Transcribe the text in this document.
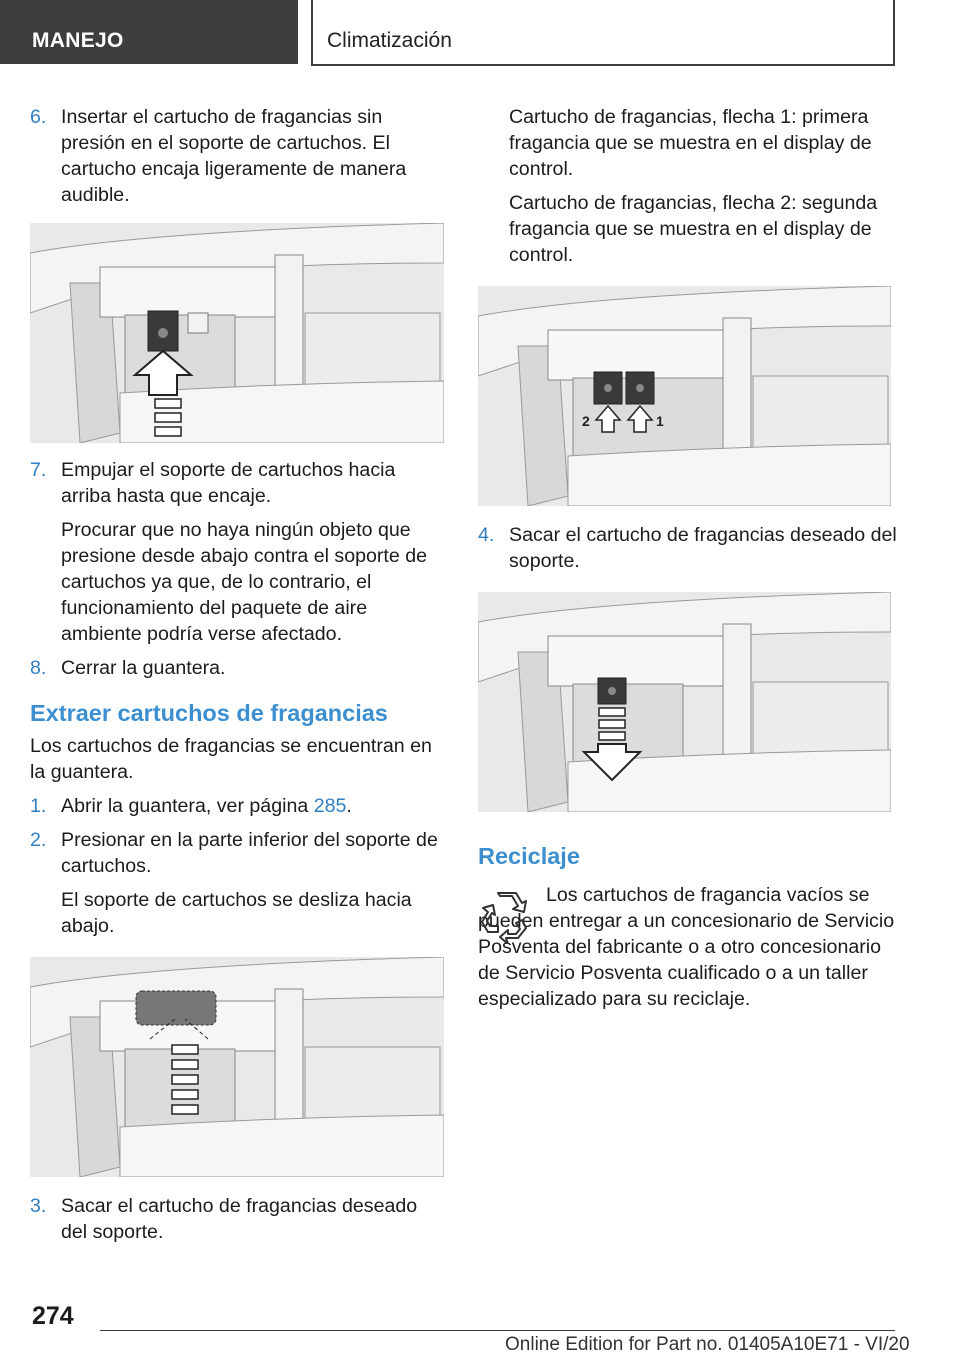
MANEJO	Climatización
6. Insertar el cartucho de fragancias sin presión en el soporte de cartuchos. El cartucho encaja ligeramente de manera audible.

7. Empujar el soporte de cartuchos hacia arriba hasta que encaje.

Procurar que no haya ningún objeto que presione desde abajo contra el soporte de cartuchos ya que, de lo contrario, el funcionamiento del paquete de aire ambiente podría verse afectado.

8. Cerrar la guantera.

Extraer cartuchos de fragancias

Los cartuchos de fragancias se encuentran en la guantera.

1. Abrir la guantera, ver página 285.

2. Presionar en la parte inferior del soporte de cartuchos.

El soporte de cartuchos se desliza hacia abajo.

3. Sacar el cartucho de fragancias deseado del soporte.

Cartucho de fragancias, flecha 1: primera fragancia que se muestra en el display de control.

Cartucho de fragancias, flecha 2: segunda fragancia que se muestra en el display de control.

2	1
4. Sacar el cartucho de fragancias deseado del soporte.

Reciclaje

Los cartuchos de fragancia vacíos se pueden entregar a un concesionario de Servicio Posventa del fabricante o a otro concesionario de Servicio Posventa cualificado o a un taller especializado para su reciclaje.

274
Online Edition for Part no. 01405A10E71 - VI/20
